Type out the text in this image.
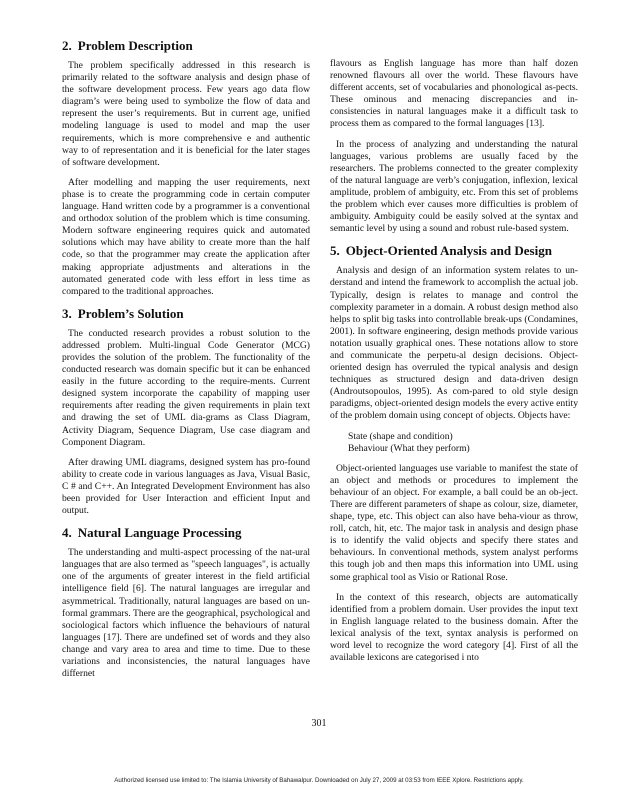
2. Problem Description

The problem specifically addressed in this research is primarily related to the software analysis and design phase of the software development process. Few years ago data flow diagram’s were being used to symbolize the flow of data and represent the user’s requirements. But in current age, unified modeling language is used to model and map the user requirements, which is more comprehensive e and authentic way to of representation and it is beneficial for the later stages of software development.

After modelling and mapping the user requirements, next phase is to create the programming code in certain computer language. Hand written code by a programmer is a conventional and orthodox solution of the problem which is time consuming. Modern software engineering requires quick and automated solutions which may have ability to create more than the half code, so that the programmer may create the application after making appropriate adjustments and alterations in the automated generated code with less effort in less time as compared to the traditional approaches.

3. Problem’s Solution

The conducted research provides a robust solution to the addressed problem. Multi-lingual Code Generator (MCG) provides the solution of the problem. The functionality of the conducted research was domain specific but it can be enhanced easily in the future according to the require-ments. Current designed system incorporate the capability of mapping user requirements after reading the given requirements in plain text and drawing the set of UML dia-grams as Class Diagram, Activity Diagram, Sequence Diagram, Use case diagram and Component Diagram.

After drawing UML diagrams, designed system has pro-found ability to create code in various languages as Java, Visual Basic, C # and C++. An Integrated Development Environment has also been provided for User Interaction and efficient Input and output.

4. Natural Language Processing

The understanding and multi-aspect processing of the nat-ural languages that are also termed as "speech languages", is actually one of the arguments of greater interest in the field artificial intelligence field [6]. The natural languages are irregular and asymmetrical. Traditionally, natural languages are based on un-formal grammars. There are the geographical, psychological and sociological factors which influence the behaviours of natural languages [17]. There are undefined set of words and they also change and vary area to area and time to time. Due to these variations and inconsistencies, the natural languages have differnet

flavours as English language has more than half dozen renowned flavours all over the world. These flavours have different accents, set of vocabularies and phonological as-pects. These ominous and menacing discrepancies and in-consistencies in natural languages make it a difficult task to process them as compared to the formal languages [13].

In the process of analyzing and understanding the natural languages, various problems are usually faced by the researchers. The problems connected to the greater complexity of the natural language are verb’s conjugation, inflexion, lexical amplitude, problem of ambiguity, etc. From this set of problems the problem which ever causes more difficulties is problem of ambiguity. Ambiguity could be easily solved at the syntax and semantic level by using a sound and robust rule-based system.

5. Object-Oriented Analysis and Design

Analysis and design of an information system relates to un-derstand and intend the framework to accomplish the actual job. Typically, design is relates to manage and control the complexity parameter in a domain. A robust design method also helps to split big tasks into controllable break-ups (Condamines, 2001). In software engineering, design methods provide various notation usually graphical ones. These notations allow to store and communicate the perpetu-al design decisions. Object-oriented design has overruled the typical analysis and design techniques as structured design and data-driven design (Androutsopoulos, 1995). As com-pared to old style design paradigms, object-oriented design models the every active entity of the problem domain using concept of objects. Objects have:

State (shape and condition)
Behaviour (What they perform)

Object-oriented languages use variable to manifest the state of an object and methods or procedures to implement the behaviour of an object. For example, a ball could be an ob-ject. There are different parameters of shape as colour, size, diameter, shape, type, etc. This object can also have beha-viour as throw, roll, catch, hit, etc. The major task in analysis and design phase is to identify the valid objects and specify there states and behaviours. In conventional methods, system analyst performs this tough job and then maps this information into UML using some graphical tool as Visio or Rational Rose.

In the context of this research, objects are automatically identified from a problem domain. User provides the input text in English language related to the business domain. After the lexical analysis of the text, syntax analysis is performed on word level to recognize the word category [4]. First of all the available lexicons are categorised i nto

301
Authorized licensed use limited to: The Islamia University of Bahawalpur. Downloaded on July 27, 2009 at 03:53 from IEEE Xplore. Restrictions apply.
